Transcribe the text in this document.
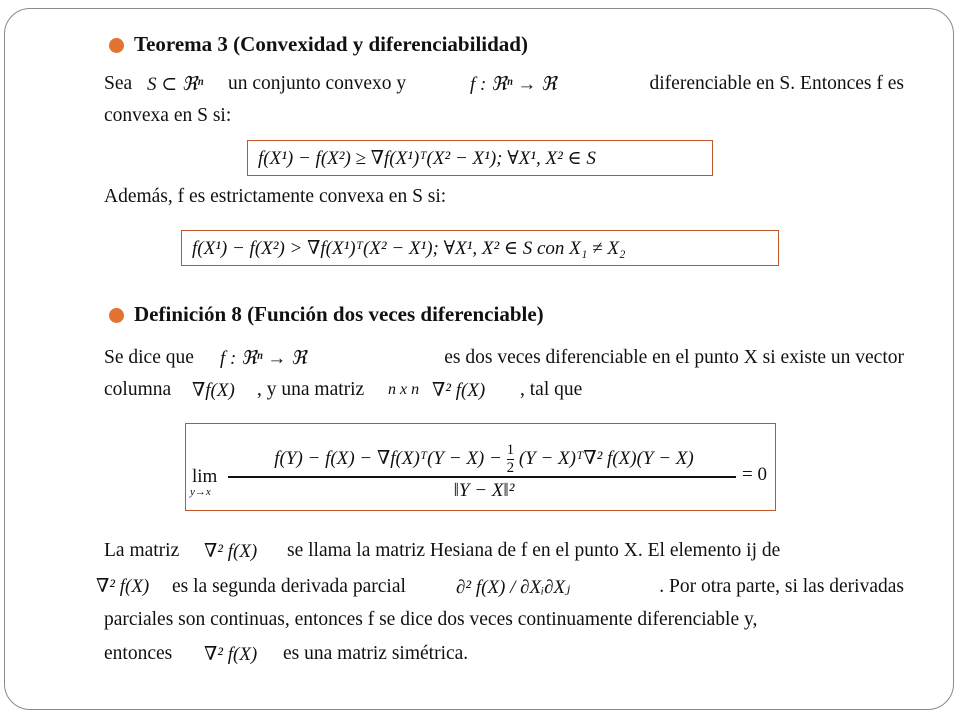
Teorema 3 (Convexidad y diferenciabilidad)
Sea S ⊂ ℜⁿ un conjunto convexo y	f : ℜⁿ → ℜ	diferenciable en S. Entonces f es
convexa en S si:
f(X¹) − f(X²) ≥ ∇f(X¹)ᵀ(X² − X¹); ∀X¹, X² ∈ S
Además, f es estrictamente convexa en S si:
f(X¹) − f(X²) > ∇f(X¹)ᵀ(X² − X¹); ∀X¹, X² ∈ S con X₁ ≠ X₂
Definición 8 (Función dos veces diferenciable)
Se dice que f : ℜⁿ → ℜ	es dos veces diferenciable en el punto X si existe un vector
columna ∇f(X) , y una matriz n x n ∇² f(X) , tal que
lim
y→x
f(Y) − f(X) − ∇f(X)ᵀ(Y − $X) - \frac{1}{2} (Y$ − X)ᵀ∇² f(X)(Y − X)
‖Y − X‖²
= 0
La matriz ∇² f(X) se llama la matriz Hesiana de f en el punto X. El elemento ij de
∇² f(X) es la segunda derivada parcial	∂² f(X) / ∂Xᵢ∂Xⱼ	. Por otra parte, si las derivadas
parciales son continuas, entonces f se dice dos veces continuamente diferenciable y,
entonces ∇² f(X) es una matriz simétrica.
